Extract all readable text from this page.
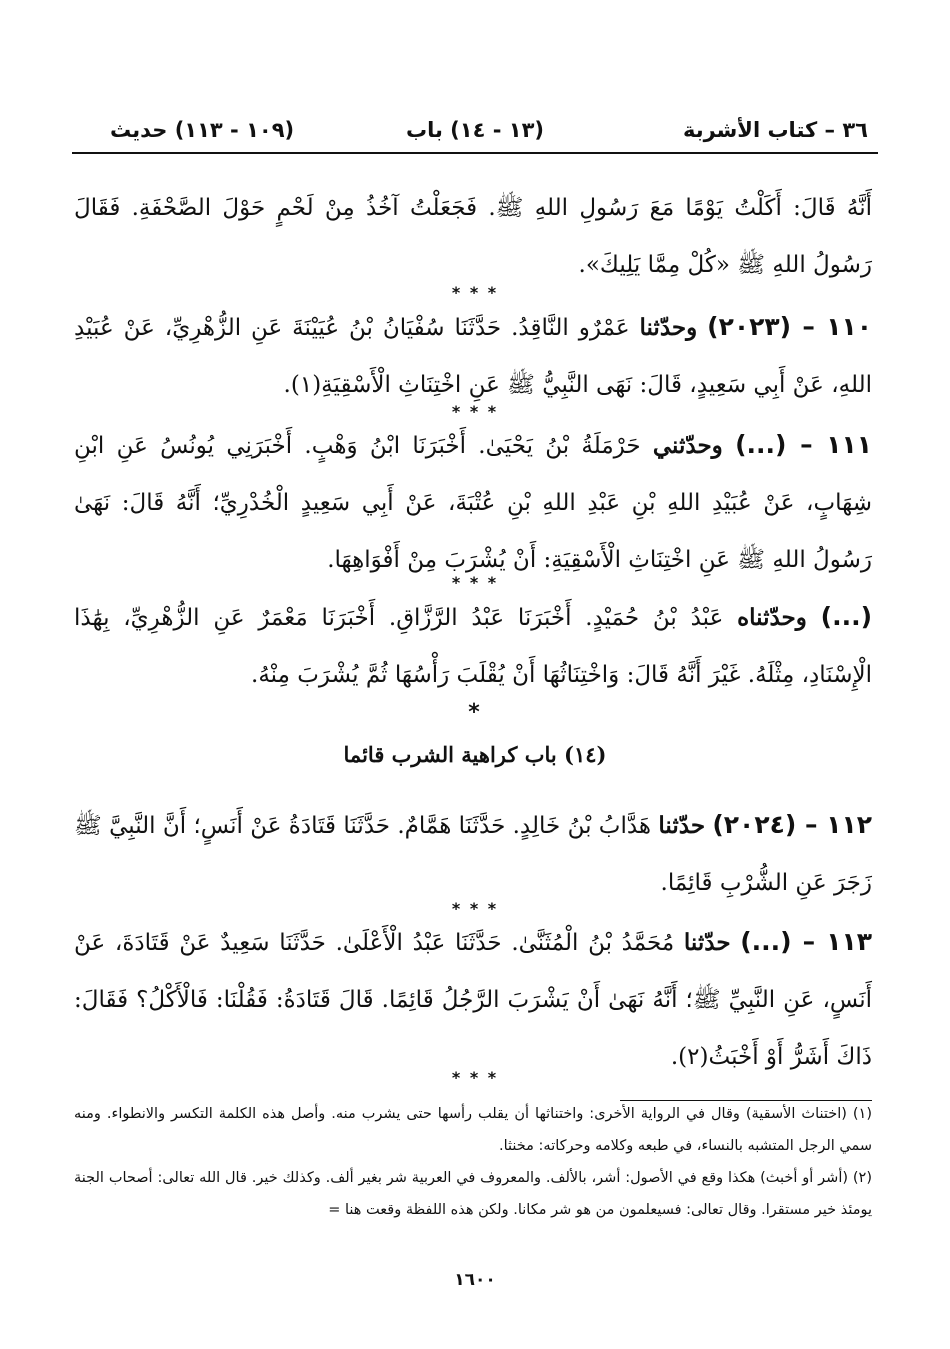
٣٦ – كتاب الأشربة
(١٣ - ١٤) باب
(١٠٩ - ١١٣) حديث
أَنَّهُ قَالَ: أَكَلْتُ يَوْمًا مَعَ رَسُولِ اللهِ ﷺ. فَجَعَلْتُ آخُذُ مِنْ لَحْمٍ حَوْلَ الصَّحْفَةِ. فَقَالَ رَسُولُ اللهِ ﷺ «كُلْ مِمَّا يَلِيكَ».
* * *
١١٠ – (٢٠٢٣) وحدّثنا عَمْرٌو النَّاقِدُ. حَدَّثَنَا سُفْيَانُ بْنُ عُيَيْنَةَ عَنِ الزُّهْرِيِّ، عَنْ عُبَيْدِ اللهِ، عَنْ أَبِي سَعِيدٍ، قَالَ: نَهَى النَّبِيُّ ﷺ عَنِ اخْتِنَاثِ الْأَسْقِيَةِ(١).
* * *
١١١ – (...) وحدّثني حَرْمَلَةُ بْنُ يَحْيَىٰ. أَخْبَرَنَا ابْنُ وَهْبٍ. أَخْبَرَنِي يُونُسُ عَنِ ابْنِ شِهَابٍ، عَنْ عُبَيْدِ اللهِ بْنِ عَبْدِ اللهِ بْنِ عُتْبَةَ، عَنْ أَبِي سَعِيدٍ الْخُدْرِيِّ؛ أَنَّهُ قَالَ: نَهَىٰ رَسُولُ اللهِ ﷺ عَنِ اخْتِنَاثِ الْأَسْقِيَةِ: أَنْ يُشْرَبَ مِنْ أَفْوَاهِهَا.
* * *
(...) وحدّثناه عَبْدُ بْنُ حُمَيْدٍ. أَخْبَرَنَا عَبْدُ الرَّزَّاقِ. أَخْبَرَنَا مَعْمَرٌ عَنِ الزُّهْرِيِّ، بِهَٰذَا الْإِسْنَادِ، مِثْلَهُ. غَيْرَ أَنَّهُ قَالَ: وَاخْتِنَاثُهَا أَنْ يُقْلَبَ رَأْسُهَا ثُمَّ يُشْرَبَ مِنْهُ.
*
(١٤) باب كراهية الشرب قائما
١١٢ – (٢٠٢٤) حدّثنا هَدَّابُ بْنُ خَالِدٍ. حَدَّثَنَا هَمَّامٌ. حَدَّثَنَا قَتَادَةُ عَنْ أَنَسٍ؛ أَنَّ النَّبِيَّ ﷺ زَجَرَ عَنِ الشُّرْبِ قَائِمًا.
* * *
١١٣ – (...) حدّثنا مُحَمَّدُ بْنُ الْمُثَنَّىٰ. حَدَّثَنَا عَبْدُ الْأَعْلَىٰ. حَدَّثَنَا سَعِيدٌ عَنْ قَتَادَةَ، عَنْ أَنَسٍ، عَنِ النَّبِيِّ ﷺ؛ أَنَّهُ نَهَىٰ أَنْ يَشْرَبَ الرَّجُلُ قَائِمًا. قَالَ قَتَادَةُ: فَقُلْنَا: فَالْأَكْلُ؟ فَقَالَ: ذَاكَ أَشَرُّ أَوْ أَخْبَثُ(٢).
* * *

(١) (اختناث الأسقية) وقال في الرواية الأخرى: واختناثها أن يقلب رأسها حتى يشرب منه. وأصل هذه الكلمة التكسر والانطواء. ومنه سمي الرجل المتشبه بالنساء، في طبعه وكلامه وحركاته: مخنثا.

(٢) (أشر أو أخبث) هكذا وقع في الأصول: أشر، بالألف. والمعروف في العربية شر بغير ألف. وكذلك خير. قال الله تعالى: أصحاب الجنة يومئذ خير مستقرا. وقال تعالى: فسيعلمون من هو شر مكانا. ولكن هذه اللفظة وقعت هنا =

١٦٠٠
